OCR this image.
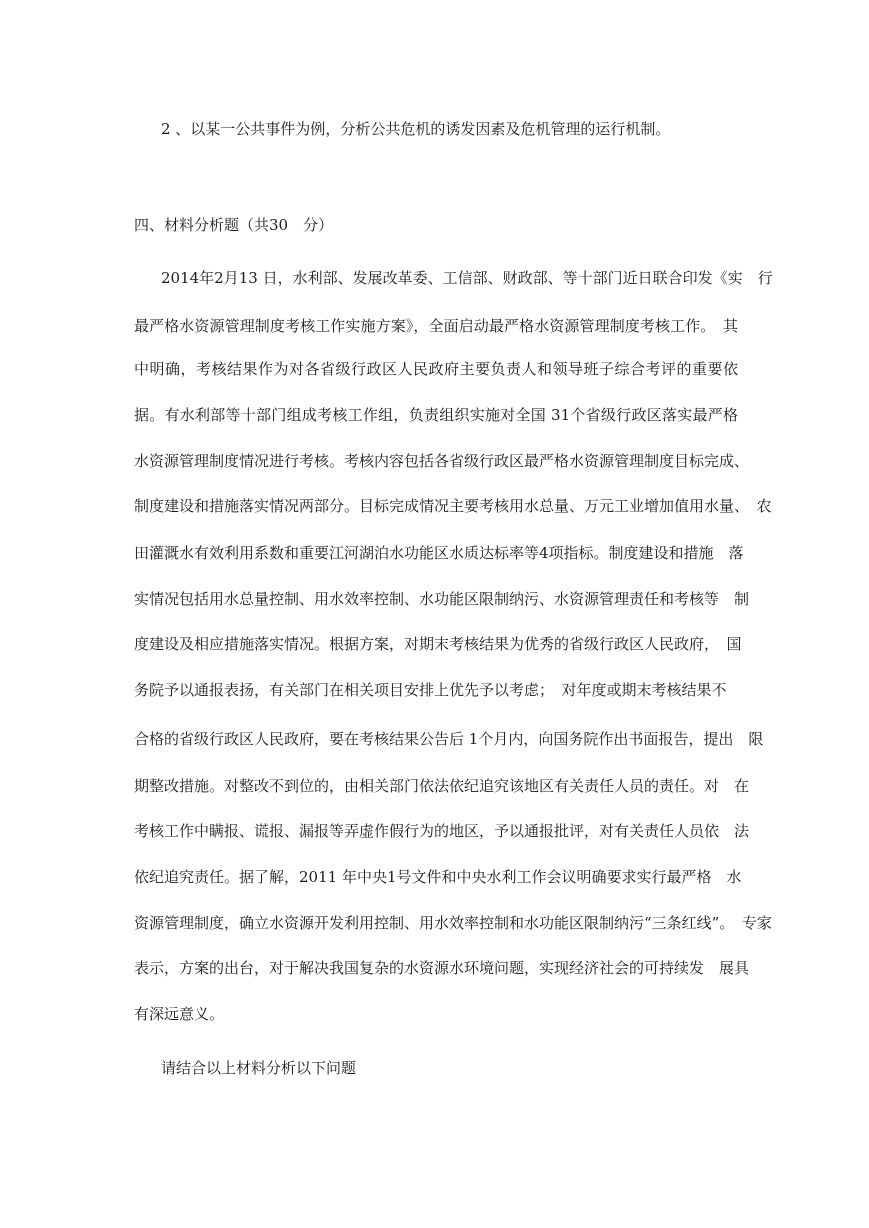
2 、以某一公共事件为例，分析公共危机的诱发因素及危机管理的运行机制。
四、材料分析题（共30　分）
2014年2月13 日，水利部、发展改革委、工信部、财政部、等十部门近日联合印发《实　行
最严格水资源管理制度考核工作实施方案》，全面启动最严格水资源管理制度考核工作。　其
中明确，考核结果作为对各省级行政区人民政府主要负责人和领导班子综合考评的重要依
据。有水利部等十部门组成考核工作组，负责组织实施对全国 31个省级行政区落实最严格
水资源管理制度情况进行考核。考核内容包括各省级行政区最严格水资源管理制度目标完成、
制度建设和措施落实情况两部分。目标完成情况主要考核用水总量、万元工业增加值用水量、　农
田灌溉水有效利用系数和重要江河湖泊水功能区水质达标率等4项指标。制度建设和措施　落
实情况包括用水总量控制、用水效率控制、水功能区限制纳污、水资源管理责任和考核等　制
度建设及相应措施落实情况。根据方案，对期末考核结果为优秀的省级行政区人民政府，　国
务院予以通报表扬，有关部门在相关项目安排上优先予以考虑；　对年度或期末考核结果不
合格的省级行政区人民政府，要在考核结果公告后 1个月内，向国务院作出书面报告，提出　限
期整改措施。对整改不到位的，由相关部门依法依纪追究该地区有关责任人员的责任。对　在
考核工作中瞒报、谎报、漏报等弄虚作假行为的地区，予以通报批评，对有关责任人员依　法
依纪追究责任。据了解，2011 年中央1号文件和中央水利工作会议明确要求实行最严格　水
资源管理制度，确立水资源开发利用控制、用水效率控制和水功能区限制纳污“三条红线”。　专家
表示，方案的出台，对于解决我国复杂的水资源水环境问题，实现经济社会的可持续发　展具
有深远意义。
请结合以上材料分析以下问题
